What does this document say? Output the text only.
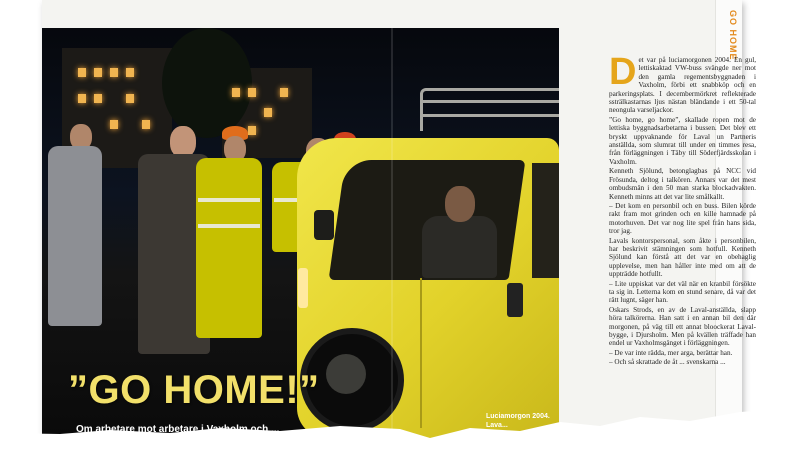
GO HOME
D et var på luciamorgonen 2004. En gul, lettiskaktad VW-buss svängde ner mot den gamla regementsbyggnaden i Vaxholm, förbi ett snabbköp och en parkeringsplats. I decembermörkret reflekterade ssträlkastarnas ljus nästan bländande i ett 50-tal neongula varseljackor.

”Go home, go home”, skallade ropen mot de lettiska byggnadsarbetarna i bussen. Det blev ett bryskt uppvaknande för Laval un Partneris anställda, som slumrat till under en timmes resa, från förläggningen i Täby till Söderfjärdsskolan i Vaxholm.

Kenneth Sjölund, betonglagbas på NCC vid Frösunda, deltog i talkören. Annars var det mest ombudsmän i den 50 man starka blockadvakten. Kenneth minns att det var lite smålkallt.

– Det kom en personbil och en buss. Bilen körde rakt fram mot grinden och en kille hamnade på motorhuven. Det var nog lite spel från hans sida, tror jag.

Lavals kontorspersonal, som åkte i personbilen, har beskrivit stämningen som hotfull. Kenneth Sjölund kan förstå att det var en obehaglig upplevelse, men han håller inte med om att de uppträdde hotfullt.

– Lite uppiskat var det väl när en kranbil försökte ta sig in. Letterna kom en stund senare, då var det rätt lugnt, säger han.

Oskars Strods, en av de Laval-anställda, slapp höra talkörerna. Han satt i en annan bil den där morgonen, på väg till ett annat bloockerat Laval-bygge, i Djursholm. Men på kvällen träffade han endel ur Vaxholmsgänget i förläggningen.

– De var inte rädda, mer arga, berättar han.

– Och så skrattade de åt ... svenskarna ...

”GO HOME!”

Om arbetare mot arbetare i Vaxholm och ...

Luciamorgon 2004.
Lava...
